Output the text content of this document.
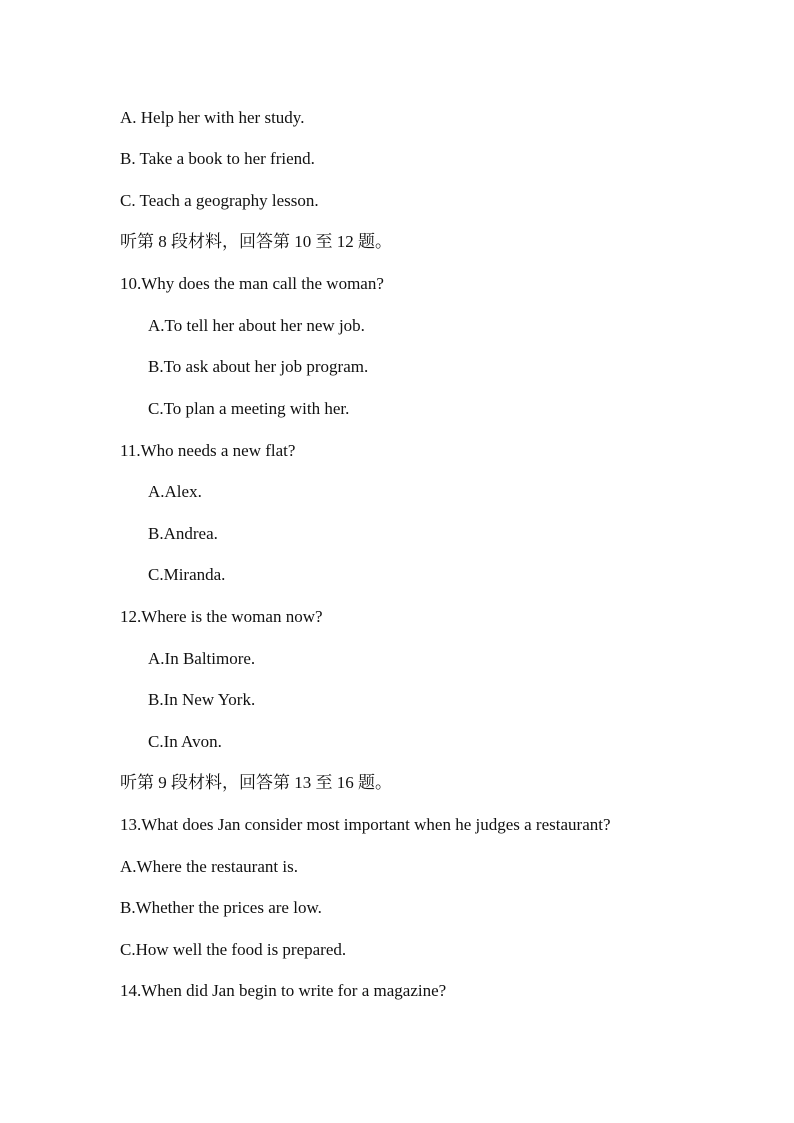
A. Help her with her study.
B. Take a book to her friend.
C. Teach a geography lesson.
听第 8 段材料，回答第 10 至 12 题。
10.Why does the man call the woman?
A.To tell her about her new job.
B.To ask about her job program.
C.To plan a meeting with her.
11.Who needs a new flat?
A.Alex.
B.Andrea.
C.Miranda.
12.Where is the woman now?
A.In Baltimore.
B.In New York.
C.In Avon.
听第 9 段材料，回答第 13 至 16 题。
13.What does Jan consider most important when he judges a restaurant?
A.Where the restaurant is.
B.Whether the prices are low.
C.How well the food is prepared.
14.When did Jan begin to write for a magazine?
